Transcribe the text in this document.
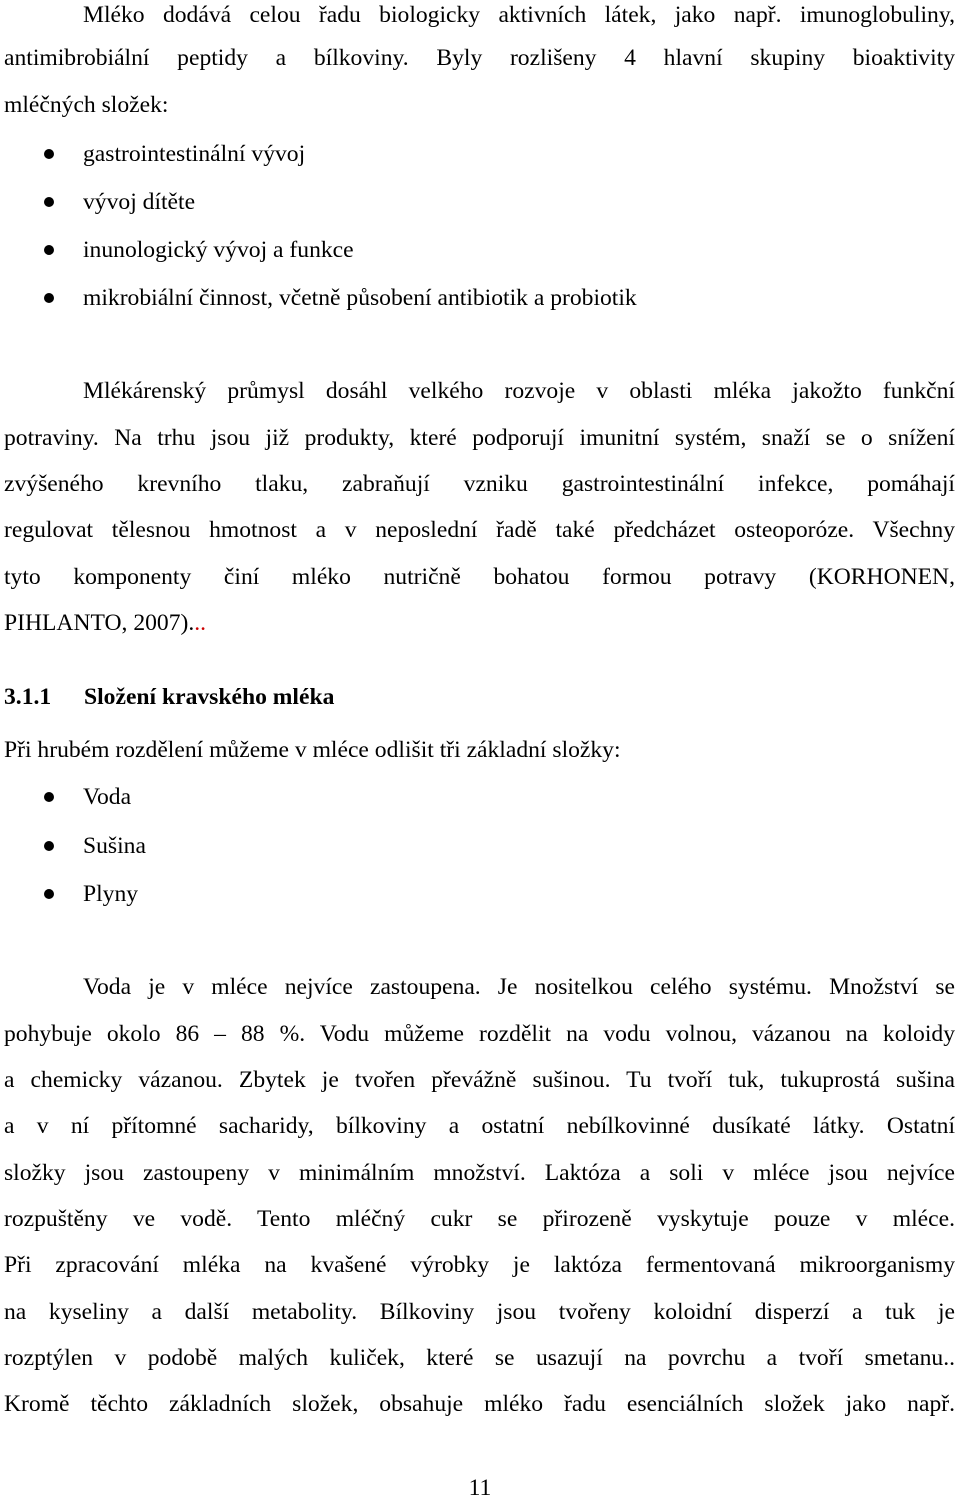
Mléko dodává celou řadu biologicky aktivních látek, jako např. imunoglobuliny,
antimibrobiální peptidy a bílkoviny. Byly rozlišeny 4 hlavní skupiny bioaktivity
mléčných složek:
gastrointestinální vývoj
vývoj dítěte
inunologický vývoj a funkce
mikrobiální činnost, včetně působení antibiotik a probiotik
Mlékárenský průmysl dosáhl velkého rozvoje v oblasti mléka jakožto funkční
potraviny. Na trhu jsou již produkty, které podporují imunitní systém, snaží se o snížení
zvýšeného krevního tlaku, zabraňují vzniku gastrointestinální infekce, pomáhají
regulovat tělesnou hmotnost a v neposlední řadě také předcházet osteoporóze. Všechny
tyto komponenty činí mléko nutričně bohatou formou potravy (KORHONEN,
PIHLANTO, 2007)...
3.1.1 Složení kravského mléka
Při hrubém rozdělení můžeme v mléce odlišit tři základní složky:
Voda
Sušina
Plyny
Voda je v mléce nejvíce zastoupena. Je nositelkou celého systému. Množství se
pohybuje okolo 86 – 88 %. Vodu můžeme rozdělit na vodu volnou, vázanou na koloidy
a chemicky vázanou. Zbytek je tvořen převážně sušinou. Tu tvoří tuk, tukuprostá sušina
a v ní přítomné sacharidy, bílkoviny a ostatní nebílkovinné dusíkaté látky. Ostatní
složky jsou zastoupeny v minimálním množství. Laktóza a soli v mléce jsou nejvíce
rozpuštěny ve vodě. Tento mléčný cukr se přirozeně vyskytuje pouze v mléce.
Při zpracování mléka na kvašené výrobky je laktóza fermentovaná mikroorganismy
na kyseliny a další metabolity. Bílkoviny jsou tvořeny koloidní disperzí a tuk je
rozptýlen v podobě malých kuliček, které se usazují na povrchu a tvoří smetanu..
Kromě těchto základních složek, obsahuje mléko řadu esenciálních složek jako např.
11
